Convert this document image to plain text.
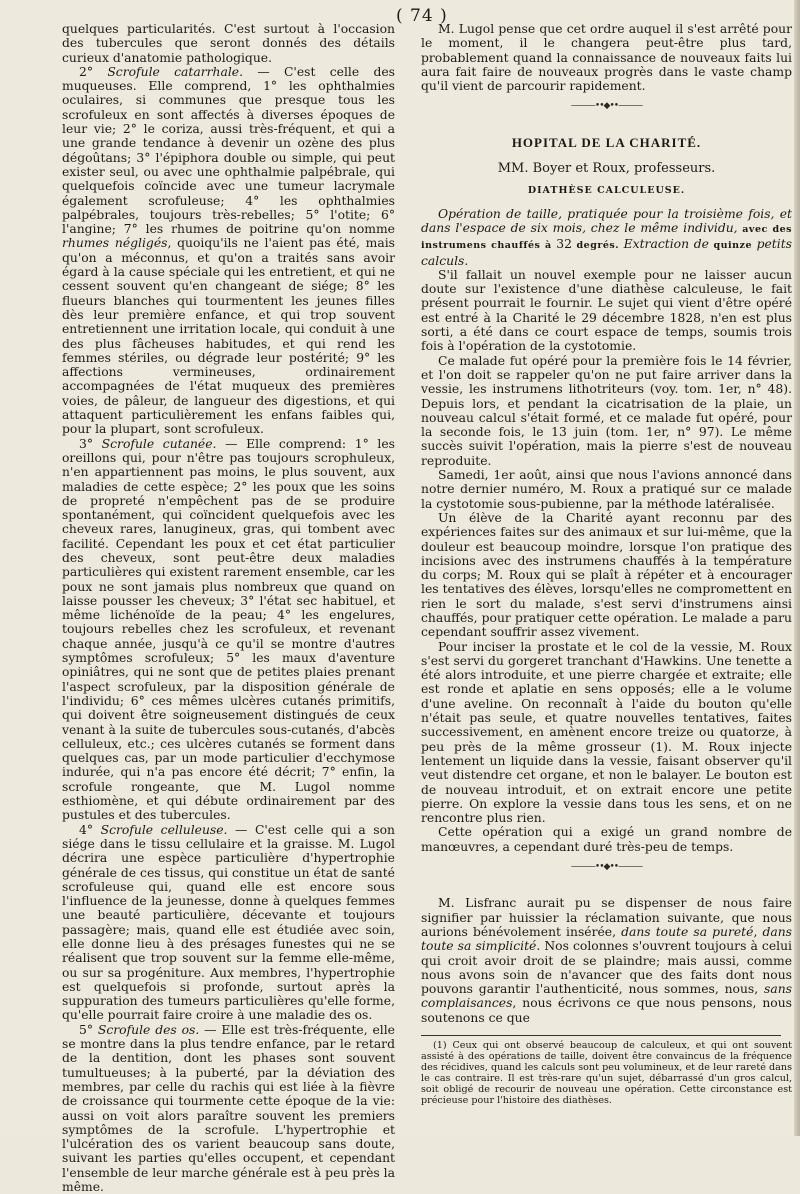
( 74 )

quelques particularités. C'est surtout à l'occasion des tubercules que seront donnés des détails curieux d'anatomie pathologique.

2° Scrofule catarrhale. — C'est celle des muqueuses. Elle comprend, 1° les ophthalmies oculaires, si communes que presque tous les scrofuleux en sont affectés à diverses époques de leur vie; 2° le coriza, aussi très-fréquent, et qui a une grande tendance à devenir un ozène des plus dégoûtans; 3° l'épiphora double ou simple, qui peut exister seul, ou avec une ophthalmie palpébrale, qui quelquefois coïncide avec une tumeur lacrymale également scrofuleuse; 4° les ophthalmies palpébrales, toujours très-rebelles; 5° l'otite; 6° l'angine; 7° les rhumes de poitrine qu'on nomme rhumes négligés, quoiqu'ils ne l'aient pas été, mais qu'on a méconnus, et qu'on a traités sans avoir égard à la cause spéciale qui les entretient, et qui ne cessent souvent qu'en changeant de siége; 8° les flueurs blanches qui tourmentent les jeunes filles dès leur première enfance, et qui trop souvent entretiennent une irritation locale, qui conduit à une des plus fâcheuses habitudes, et qui rend les femmes stériles, ou dégrade leur postérité; 9° les affections vermineuses, ordinairement accompagnées de l'état muqueux des premières voies, de pâleur, de langueur des digestions, et qui attaquent particulièrement les enfans faibles qui, pour la plupart, sont scrofuleux.

3° Scrofule cutanée. — Elle comprend: 1° les oreillons qui, pour n'être pas toujours scrophuleux, n'en appartiennent pas moins, le plus souvent, aux maladies de cette espèce; 2° les poux que les soins de propreté n'empêchent pas de se produire spontanément, qui coïncident quelquefois avec les cheveux rares, lanugineux, gras, qui tombent avec facilité. Cependant les poux et cet état particulier des cheveux, sont peut-être deux maladies particulières qui existent rarement ensemble, car les poux ne sont jamais plus nombreux que quand on laisse pousser les cheveux; 3° l'état sec habituel, et même lichénoïde de la peau; 4° les engelures, toujours rebelles chez les scrofuleux, et revenant chaque année, jusqu'à ce qu'il se montre d'autres symptômes scrofuleux; 5° les maux d'aventure opiniâtres, qui ne sont que de petites plaies prenant l'aspect scrofuleux, par la disposition générale de l'individu; 6° ces mêmes ulcères cutanés primitifs, qui doivent être soigneusement distingués de ceux venant à la suite de tubercules sous-cutanés, d'abcès celluleux, etc.; ces ulcères cutanés se forment dans quelques cas, par un mode particulier d'ecchymose indurée, qui n'a pas encore été décrit; 7° enfin, la scrofule rongeante, que M. Lugol nomme esthiomène, et qui débute ordinairement par des pustules et des tubercules.

4° Scrofule celluleuse. — C'est celle qui a son siége dans le tissu cellulaire et la graisse. M. Lugol décrira une espèce particulière d'hypertrophie générale de ces tissus, qui constitue un état de santé scrofuleuse qui, quand elle est encore sous l'influence de la jeunesse, donne à quelques femmes une beauté particulière, décevante et toujours passagère; mais, quand elle est étudiée avec soin, elle donne lieu à des présages funestes qui ne se réalisent que trop souvent sur la femme elle-même, ou sur sa progéniture. Aux membres, l'hypertrophie est quelquefois si profonde, surtout après la suppuration des tumeurs particulières qu'elle forme, qu'elle pourrait faire croire à une maladie des os.

5° Scrofule des os. — Elle est très-fréquente, elle se montre dans la plus tendre enfance, par le retard de la dentition, dont les phases sont souvent tumultueuses; à la puberté, par la déviation des membres, par celle du rachis qui est liée à la fièvre de croissance qui tourmente cette époque de la vie: aussi on voit alors paraître souvent les premiers symptômes de la scrofule. L'hypertrophie et l'ulcération des os varient beaucoup sans doute, suivant les parties qu'elles occupent, et cependant l'ensemble de leur marche générale est à peu près la même.

M. Lugol pense que cet ordre auquel il s'est arrêté pour le moment, il le changera peut-être plus tard, probablement quand la connaissance de nouveaux faits lui aura fait faire de nouveaux progrès dans le vaste champ qu'il vient de parcourir rapidement.

———••◆••———
HOPITAL DE LA CHARITÉ.
MM. Boyer et Roux, professeurs.
DIATHÈSE CALCULEUSE.

Opération de taille, pratiquée pour la troisième fois, et dans l'espace de six mois, chez le même individu, avec des instrumens chauffés à 32 degrés. Extraction de quinze petits calculs.

S'il fallait un nouvel exemple pour ne laisser aucun doute sur l'existence d'une diathèse calculeuse, le fait présent pourrait le fournir. Le sujet qui vient d'être opéré est entré à la Charité le 29 décembre 1828, n'en est plus sorti, a été dans ce court espace de temps, soumis trois fois à l'opération de la cystotomie.

Ce malade fut opéré pour la première fois le 14 février, et l'on doit se rappeler qu'on ne put faire arriver dans la vessie, les instrumens lithotriteurs (voy. tom. 1er, n° 48). Depuis lors, et pendant la cicatrisation de la plaie, un nouveau calcul s'était formé, et ce malade fut opéré, pour la seconde fois, le 13 juin (tom. 1er, n° 97). Le même succès suivit l'opération, mais la pierre s'est de nouveau reproduite.

Samedi, 1er août, ainsi que nous l'avions annoncé dans notre dernier numéro, M. Roux a pratiqué sur ce malade la cystotomie sous-pubienne, par la méthode latéralisée.

Un élève de la Charité ayant reconnu par des expériences faites sur des animaux et sur lui-même, que la douleur est beaucoup moindre, lorsque l'on pratique des incisions avec des instrumens chauffés à la température du corps; M. Roux qui se plaît à répéter et à encourager les tentatives des élèves, lorsqu'elles ne compromettent en rien le sort du malade, s'est servi d'instrumens ainsi chauffés, pour pratiquer cette opération. Le malade a paru cependant souffrir assez vivement.

Pour inciser la prostate et le col de la vessie, M. Roux s'est servi du gorgeret tranchant d'Hawkins. Une tenette a été alors introduite, et une pierre chargée et extraite; elle est ronde et aplatie en sens opposés; elle a le volume d'une aveline. On reconnaît à l'aide du bouton qu'elle n'était pas seule, et quatre nouvelles tentatives, faites successivement, en amènent encore treize ou quatorze, à peu près de la même grosseur (1). M. Roux injecte lentement un liquide dans la vessie, faisant observer qu'il veut distendre cet organe, et non le balayer. Le bouton est de nouveau introduit, et on extrait encore une petite pierre. On explore la vessie dans tous les sens, et on ne rencontre plus rien.

Cette opération qui a exigé un grand nombre de manœuvres, a cependant duré très-peu de temps.

———••◆••———

M. Lisfranc aurait pu se dispenser de nous faire signifier par huissier la réclamation suivante, que nous aurions bénévolement insérée, dans toute sa pureté, dans toute sa simplicité. Nos colonnes s'ouvrent toujours à celui qui croit avoir droit de se plaindre; mais aussi, comme nous avons soin de n'avancer que des faits dont nous pouvons garantir l'authenticité, nous sommes, nous, sans complaisances, nous écrivons ce que nous pensons, nous soutenons ce que

(1) Ceux qui ont observé beaucoup de calculeux, et qui ont souvent assisté à des opérations de taille, doivent être convaincus de la fréquence des récidives, quand les calculs sont peu volumineux, et de leur rareté dans le cas contraire. Il est très-rare qu'un sujet, débarrassé d'un gros calcul, soit obligé de recourir de nouveau une opération. Cette circonstance est précieuse pour l'histoire des diathèses.
